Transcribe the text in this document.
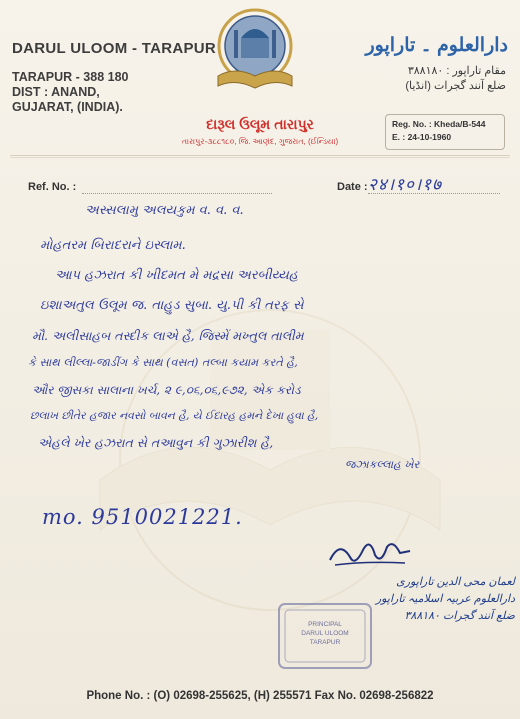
DARUL ULOOM - TARAPUR
TARAPUR - 388 180
DIST : ANAND,
GUJARAT, (INDIA).
دارالعلوم ۔ تاراپور
مقام تاراپور : ۳۸۸۱۸۰
ضلع آنند گجرات (انڈیا)
દારૂલ ઉલૂમ તારાપુર
તારાપુર-૩૮૮૧૮૦, જિ. આણંદ, ગુજરાત, (ઈન્ડિયા)
Reg. No. : Kheda/B-544
E. : 24-10-1960
Ref. No. :	Date : २४।१०।१७
અસ્સલામુ અલયકુમ વ. વ. વ.
મોહતરમ બિરાદરાને ઇસ્લામ.
આપ હઝરાત કી ખીદમત મે મદ્રસા અરબીય્યહ
ઇશાઅતુલ ઉલૂમ જ. તાહુડ સુબા. યુ.પી કી તરફ સે
મૌ. અલીસાહબ તસ્દીક લાએ હૈ, જિસ્મેં મખ્તુલ તાલીમ
કે સાથ લીલ્લા-જાડીંગ કે સાથ (વસત) તલ્બા કયામ કરતે હૈ,
ઔર જીસકા સાલાના ખર્ચ, ૨ ૯,૦૬,૦૬,૯૭૨, એક કરોડ
છલાખ છીતેર હજાર નવસો બાવન હૈ, યે ઈદારહ હમને દેખા હુવા હૈ,
એહલે ખેર હઝરાત સે તઆવુન કી ગુઝારીશ હૈ,
જઝાકલ્લાહ ખેર
mo. 9510021221.
PRINCIPAL
DARUL ULOOM
TARAPUR
لعمان محی الدین تاراپوری
دارالعلوم عربیہ اسلامیہ تاراپور
ضلع آنند گجرات ۳۸۸۱۸۰
Phone No. : (O) 02698-255625, (H) 255571 Fax No. 02698-256822
